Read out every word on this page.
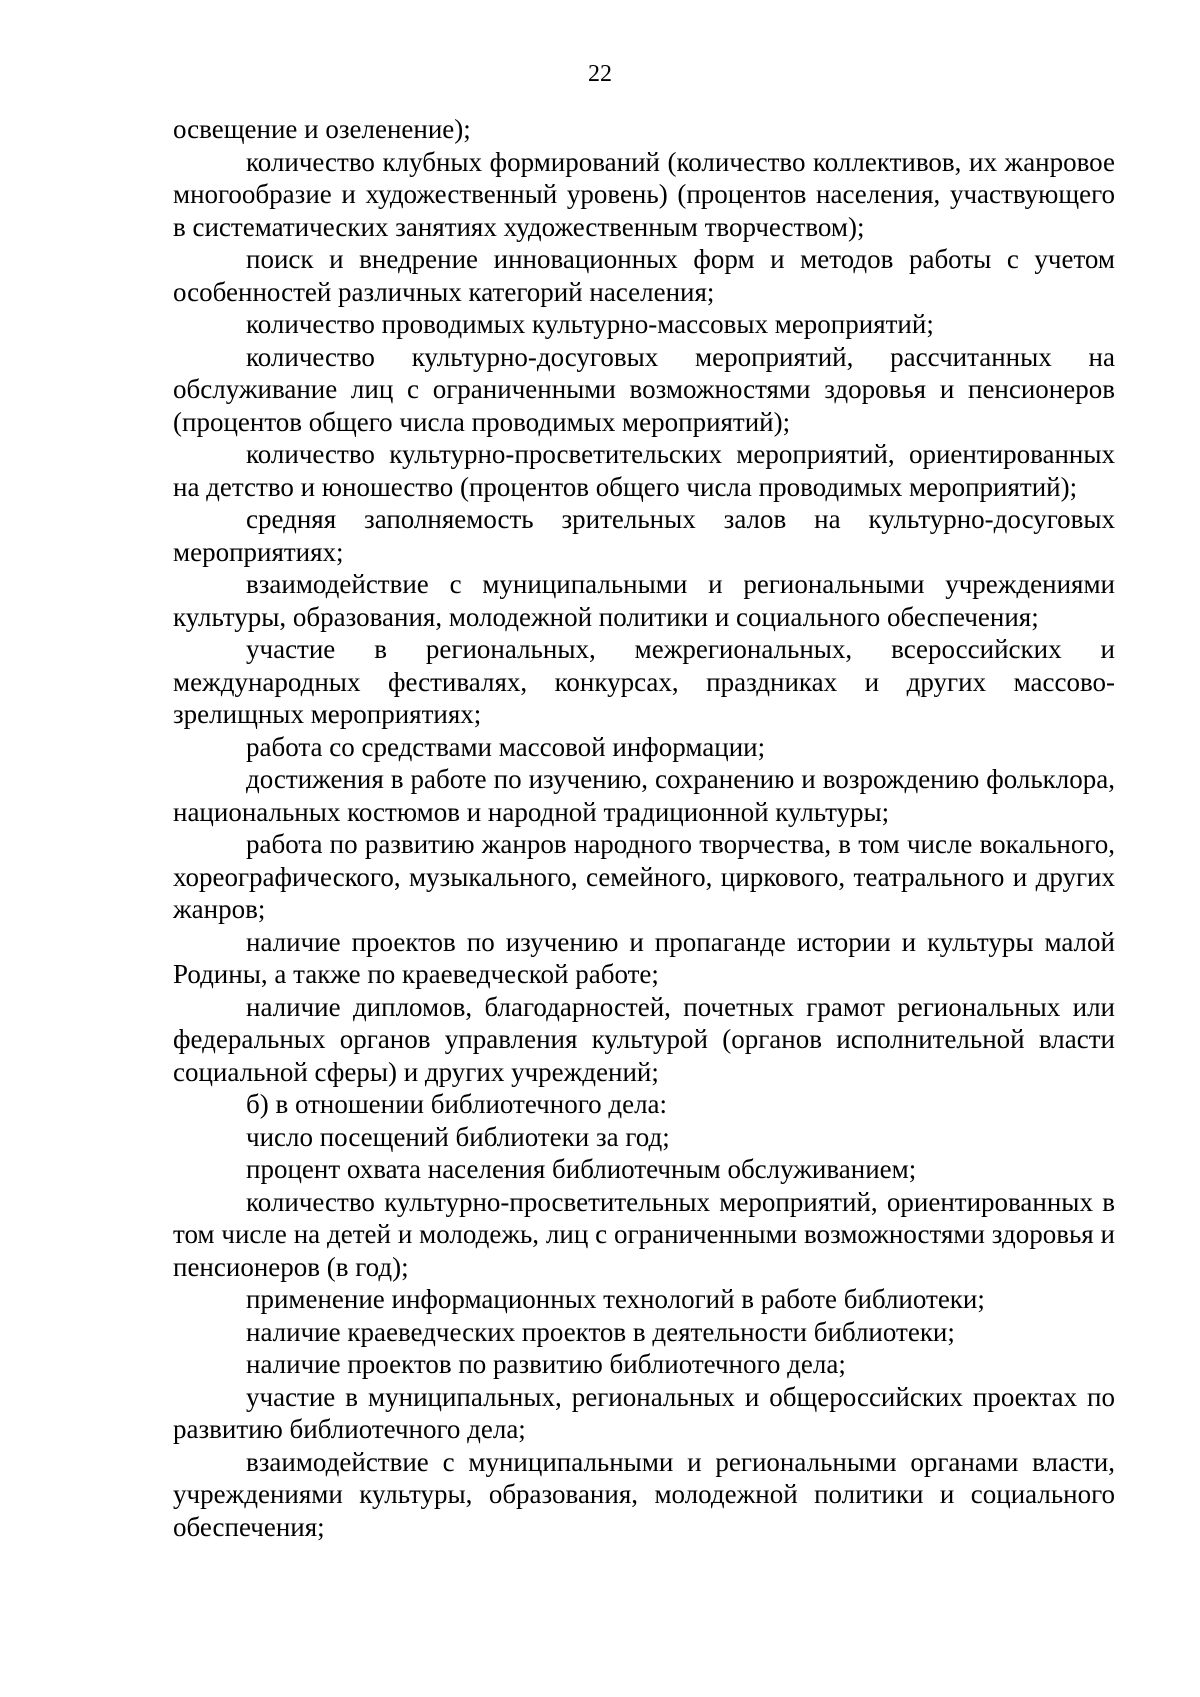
22

освещение и озеленение);

количество клубных формирований (количество коллективов, их жанровое многообразие и художественный уровень) (процентов населения, участвующего в систематических занятиях художественным творчеством);

поиск и внедрение инновационных форм и методов работы с учетом особенностей различных категорий населения;

количество проводимых культурно-массовых мероприятий;

количество культурно-досуговых мероприятий, рассчитанных на обслуживание лиц с ограниченными возможностями здоровья и пенсионеров (процентов общего числа проводимых мероприятий);

количество культурно-просветительских мероприятий, ориентированных на детство и юношество (процентов общего числа проводимых мероприятий);

средняя заполняемость зрительных залов на культурно-досуговых мероприятиях;

взаимодействие с муниципальными и региональными учреждениями культуры, образования, молодежной политики и социального обеспечения;

участие в региональных, межрегиональных, всероссийских и международных фестивалях, конкурсах, праздниках и других массово-зрелищных мероприятиях;

работа со средствами массовой информации;

достижения в работе по изучению, сохранению и возрождению фольклора, национальных костюмов и народной традиционной культуры;

работа по развитию жанров народного творчества, в том числе вокального, хореографического, музыкального, семейного, циркового, театрального и других жанров;

наличие проектов по изучению и пропаганде истории и культуры малой Родины, а также по краеведческой работе;

наличие дипломов, благодарностей, почетных грамот региональных или федеральных органов управления культурой (органов исполнительной власти социальной сферы) и других учреждений;

б) в отношении библиотечного дела:

число посещений библиотеки за год;

процент охвата населения библиотечным обслуживанием;

количество культурно-просветительных мероприятий, ориентированных в том числе на детей и молодежь, лиц с ограниченными возможностями здоровья и пенсионеров (в год);

применение информационных технологий в работе библиотеки;

наличие краеведческих проектов в деятельности библиотеки;

наличие проектов по развитию библиотечного дела;

участие в муниципальных, региональных и общероссийских проектах по развитию библиотечного дела;

взаимодействие с муниципальными и региональными органами власти, учреждениями культуры, образования, молодежной политики и социального обеспечения;
